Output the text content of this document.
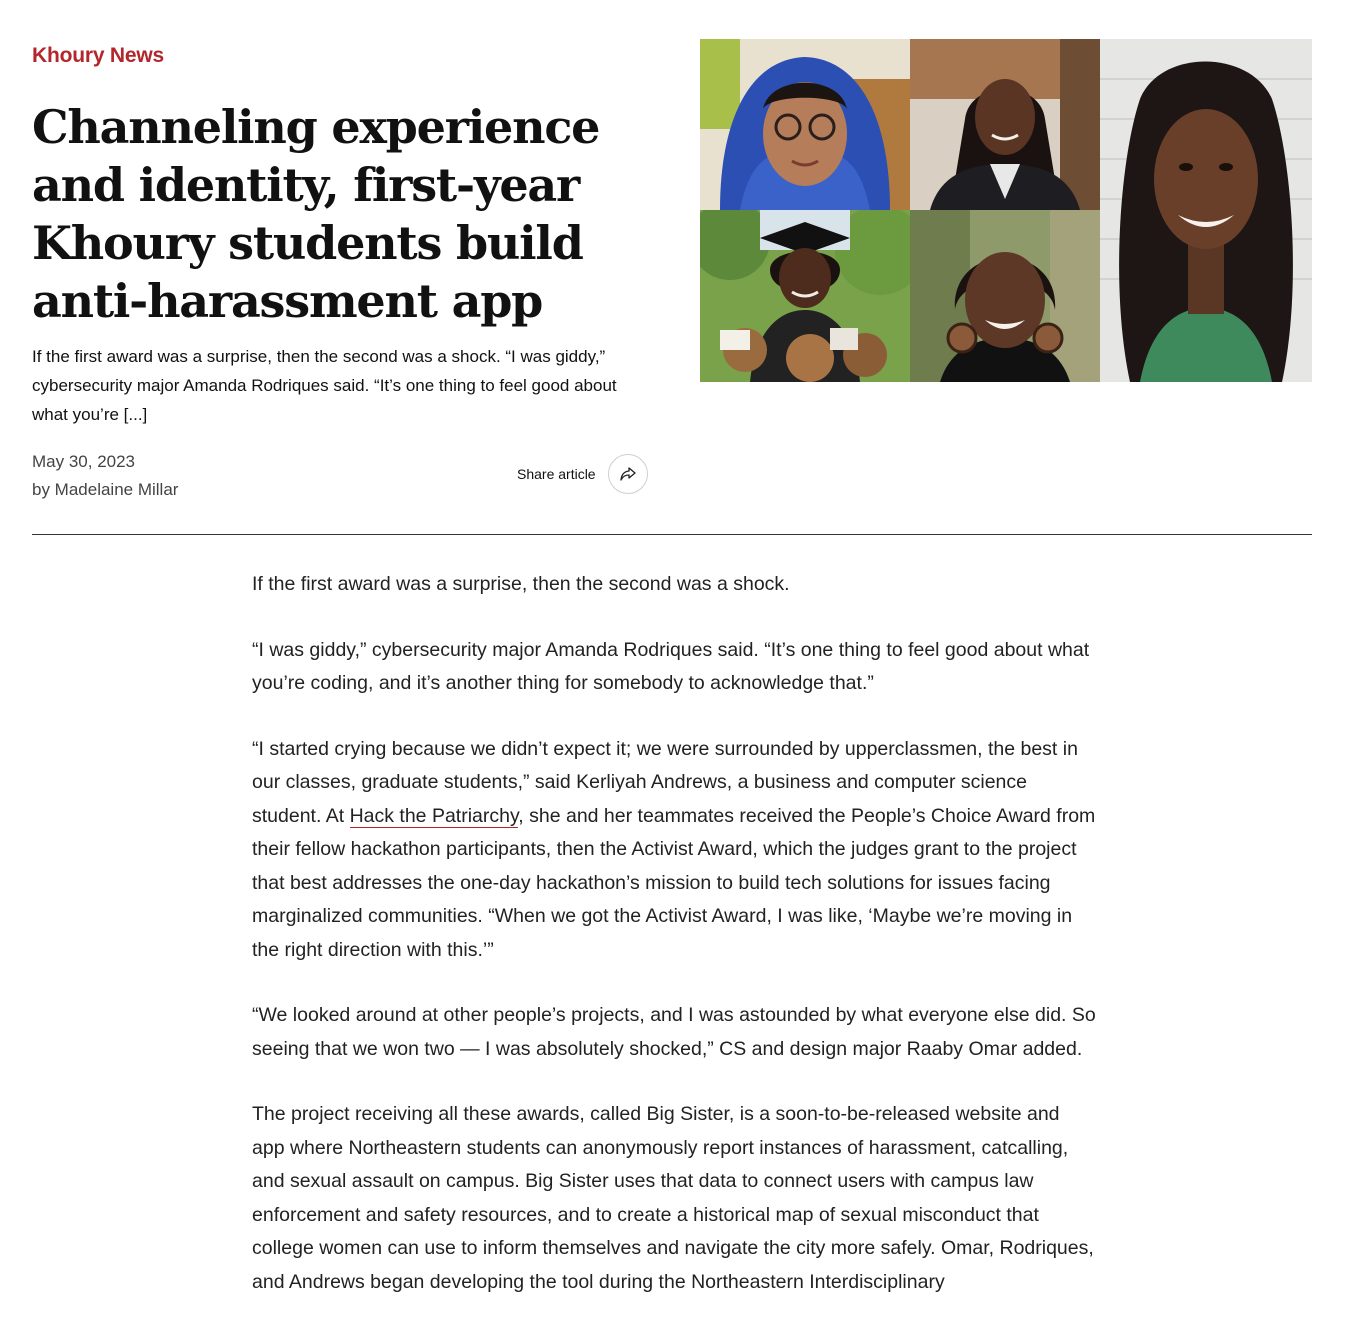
Khoury News
Channeling experience and identity, first-year Khoury students build anti-harassment app

If the first award was a surprise, then the second was a shock. “I was giddy,” cybersecurity major Amanda Rodriques said. “It’s one thing to feel good about what you’re [...]

May 30, 2023
by Madelaine Millar
Share article

If the first award was a surprise, then the second was a shock.

“I was giddy,” cybersecurity major Amanda Rodriques said. “It’s one thing to feel good about what you’re coding, and it’s another thing for somebody to acknowledge that.”

“I started crying because we didn’t expect it; we were surrounded by upperclassmen, the best in our classes, graduate students,” said Kerliyah Andrews, a business and computer science student. At Hack the Patriarchy, she and her teammates received the People’s Choice Award from their fellow hackathon participants, then the Activist Award, which the judges grant to the project that best addresses the one-day hackathon’s mission to build tech solutions for issues facing marginalized communities. “When we got the Activist Award, I was like, ‘Maybe we’re moving in the right direction with this.’”

“We looked around at other people’s projects, and I was astounded by what everyone else did. So seeing that we won two — I was absolutely shocked,” CS and design major Raaby Omar added.

The project receiving all these awards, called Big Sister, is a soon-to-be-released website and app where Northeastern students can anonymously report instances of harassment, catcalling, and sexual assault on campus. Big Sister uses that data to connect users with campus law enforcement and safety resources, and to create a historical map of sexual misconduct that college women can use to inform themselves and navigate the city more safely. Omar, Rodriques, and Andrews began developing the tool during the Northeastern Interdisciplinary
